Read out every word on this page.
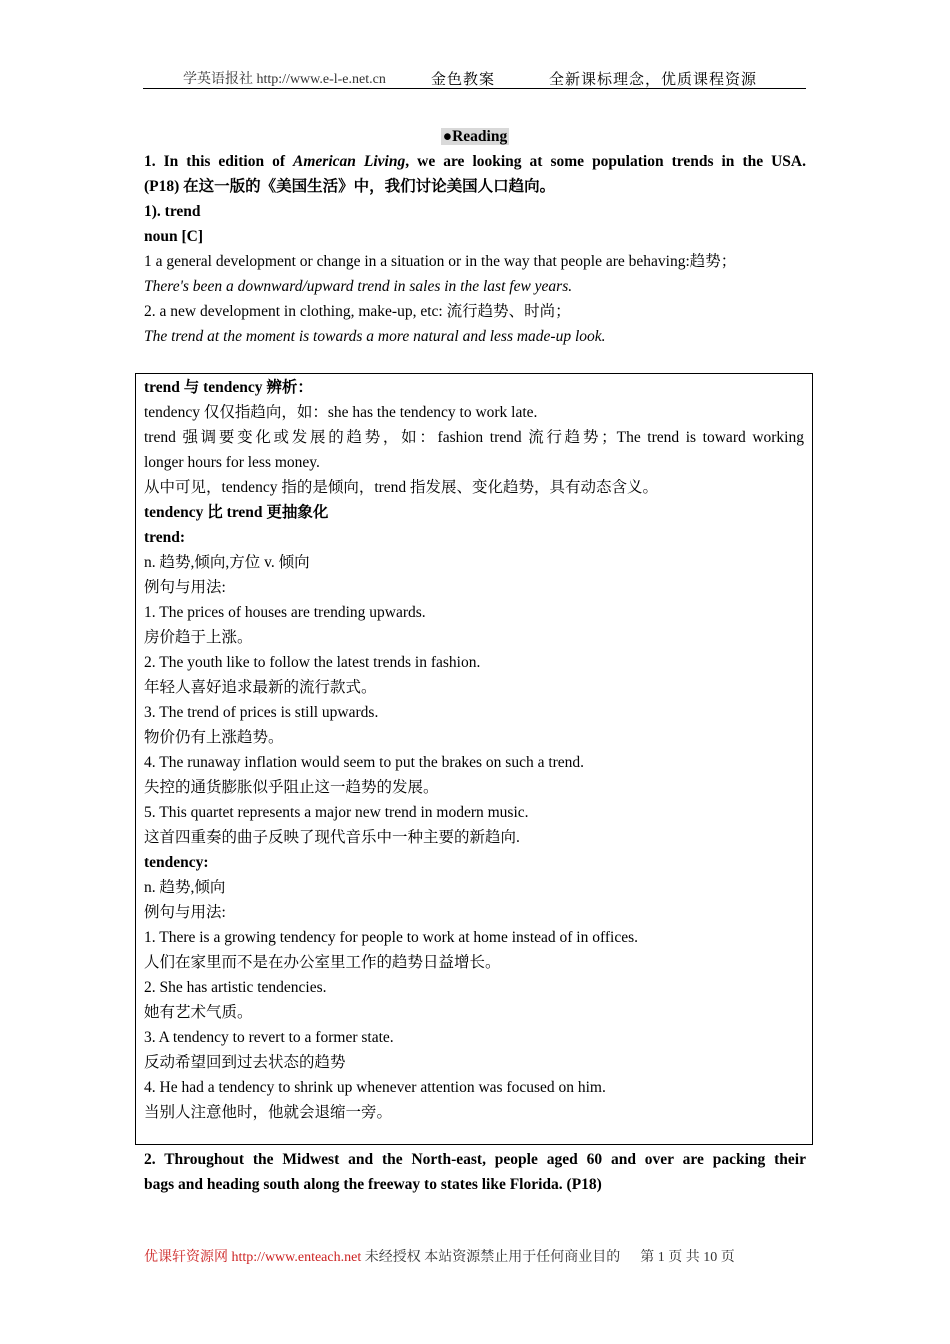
学英语报社 http://www.e-l-e.net.cn	金色教案	全新课标理念，优质课程资源

●Reading

1. In this edition of American Living, we are looking at some population trends in the USA.

(P18) 在这一版的《美国生活》中，我们讨论美国人口趋向。

1). trend

noun [C]

1 a general development or change in a situation or in the way that people are behaving:趋势；

There's been a downward/upward trend in sales in the last few years.

2. a new development in clothing, make-up, etc: 流行趋势、时尚；

The trend at the moment is towards a more natural and less made-up look.

trend 与 tendency 辨析：

tendency 仅仅指趋向，如：she has the tendency to work late.

trend 强调要变化或发展的趋势，如：fashion trend 流行趋势；The trend is toward working

longer hours for less money.

从中可见，tendency 指的是倾向，trend 指发展、变化趋势，具有动态含义。

tendency 比 trend 更抽象化

trend:

n. 趋势,倾向,方位 v. 倾向

例句与用法:

1. The prices of houses are trending upwards.

房价趋于上涨。

2. The youth like to follow the latest trends in fashion.

年轻人喜好追求最新的流行款式。

3. The trend of prices is still upwards.

物价仍有上涨趋势。

4. The runaway inflation would seem to put the brakes on such a trend.

失控的通货膨胀似乎阻止这一趋势的发展。

5. This quartet represents a major new trend in modern music.

这首四重奏的曲子反映了现代音乐中一种主要的新趋向.

tendency:

n. 趋势,倾向

例句与用法:

1. There is a growing tendency for people to work at home instead of in offices.

人们在家里而不是在办公室里工作的趋势日益增长。

2. She has artistic tendencies.

她有艺术气质。

3. A tendency to revert to a former state.

反动希望回到过去状态的趋势

4. He had a tendency to shrink up whenever attention was focused on him.

当别人注意他时，他就会退缩一旁。

2. Throughout the Midwest and the North-east, people aged 60 and over are packing their

bags and heading south along the freeway to states like Florida. (P18)

优课轩资源网 http://www.enteach.net 未经授权 本站资源禁止用于任何商业目的 第 1 页 共 10 页
